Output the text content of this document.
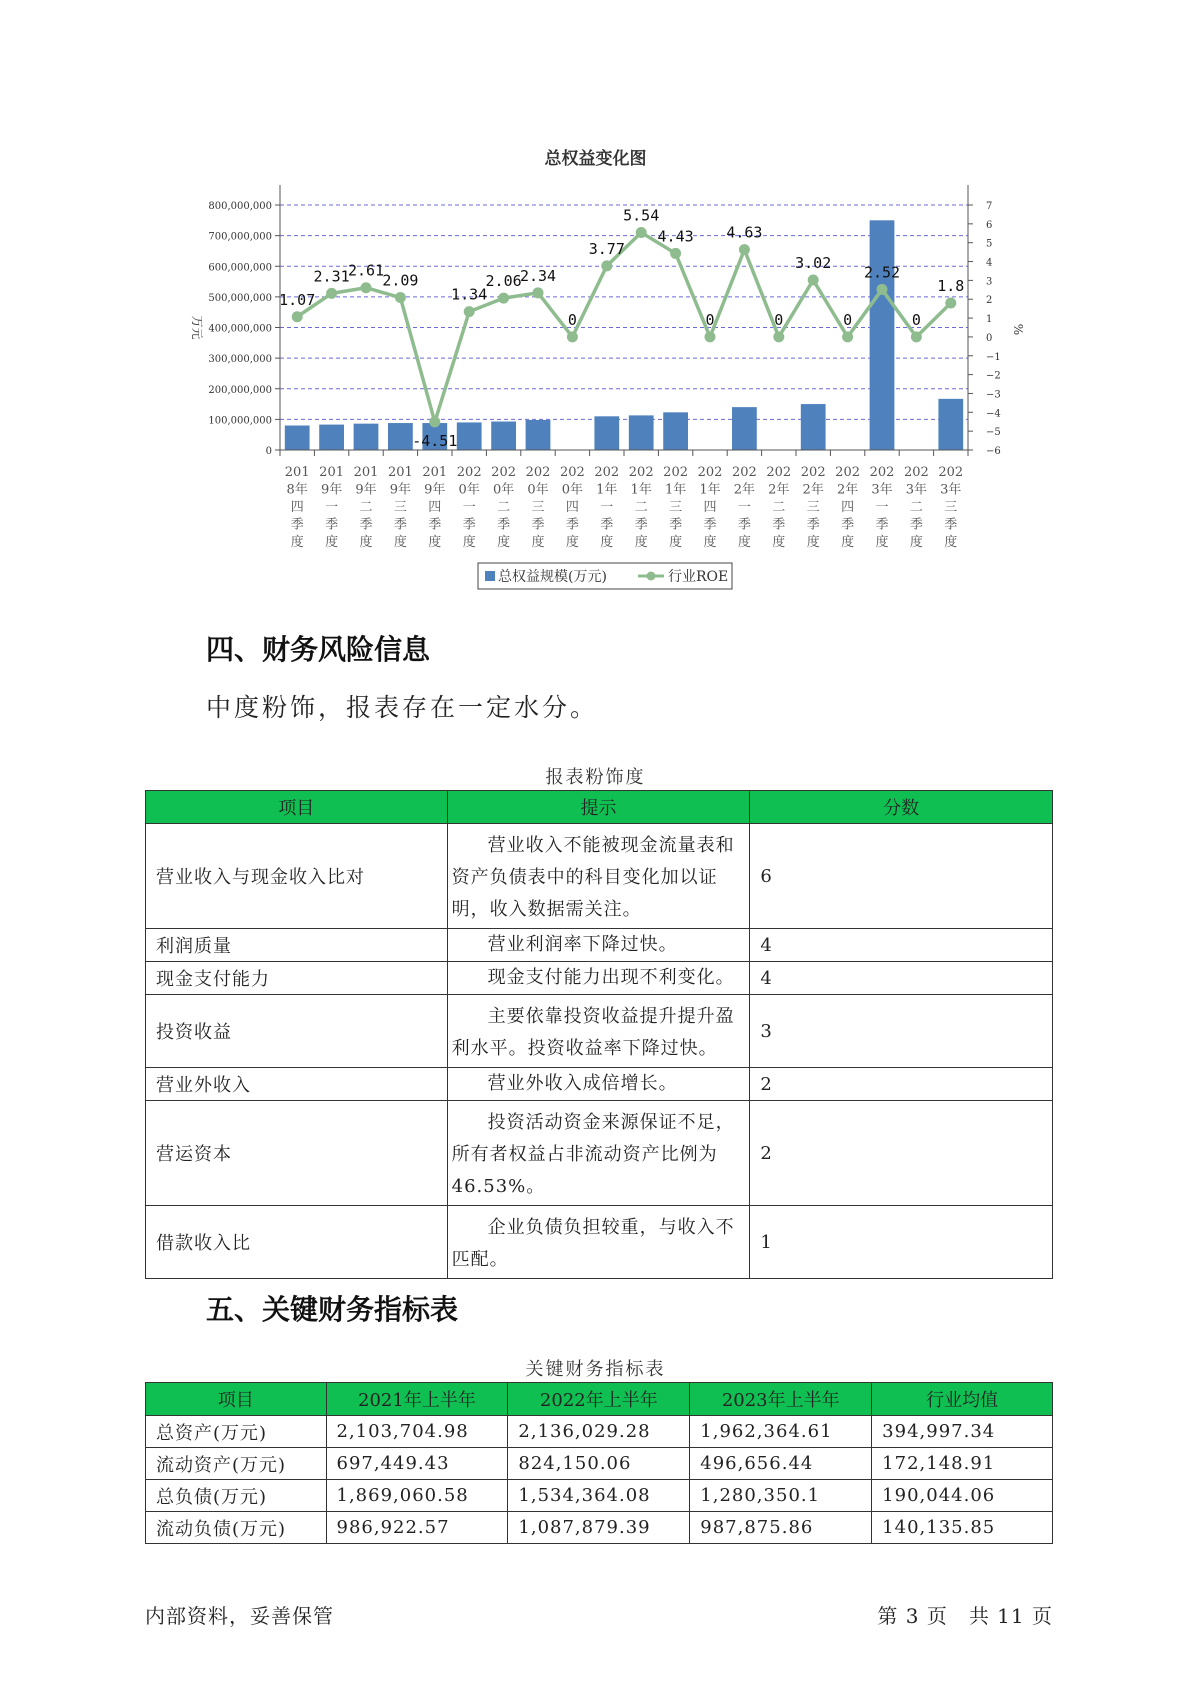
总权益变化图
0
100,000,000
200,000,000
300,000,000
400,000,000
500,000,000
600,000,000
700,000,000
800,000,000
−6
−5
−4
−3
−2
−1
0
1
2
3
4
5
6
7
万元	%
201
8年
四
季
度
201
9年
一
季
度
201
9年
二
季
度
201
9年
三
季
度
201
9年
四
季
度
202
0年
一
季
度
202
0年
二
季
度
202
0年
三
季
度
202
0年
四
季
度
202
1年
一
季
度
202
1年
二
季
度
202
1年
三
季
度
202
1年
四
季
度
202
2年
一
季
度
202
2年
二
季
度
202
2年
三
季
度
202
2年
四
季
度
202
3年
一
季
度
202
3年
二
季
度
202
3年
三
季
度
1.07
2.31
2.61
2.09
-4.51
1.34
2.06
2.34
0
3.77
5.54
4.43
0
4.63
0
3.02
0
2.52
0
1.8
总权益规模(万元)	行业ROE
四、财务风险信息
中度粉饰，报表存在一定水分。
报表粉饰度
项目	提示	分数
营业收入与现金收入比对	营业收入不能被现金流量表和资产负债表中的科目变化加以证明，收入数据需关注。	6
利润质量	营业利润率下降过快。	4
现金支付能力	现金支付能力出现不利变化。	4
投资收益	主要依靠投资收益提升提升盈利水平。投资收益率下降过快。	3
营业外收入	营业外收入成倍增长。	2
营运资本	投资活动资金来源保证不足，所有者权益占非流动资产比例为46.53%。	2
借款收入比	企业负债负担较重，与收入不匹配。	1
五、关键财务指标表
关键财务指标表
项目	2021年上半年	2022年上半年	2023年上半年	行业均值
总资产(万元)	2,103,704.98	2,136,029.28	1,962,364.61	394,997.34
流动资产(万元)	697,449.43	824,150.06	496,656.44	172,148.91
总负债(万元)	1,869,060.58	1,534,364.08	1,280,350.1	190,044.06
流动负债(万元)	986,922.57	1,087,879.39	987,875.86	140,135.85
内部资料，妥善保管	第 3 页　共 11 页
